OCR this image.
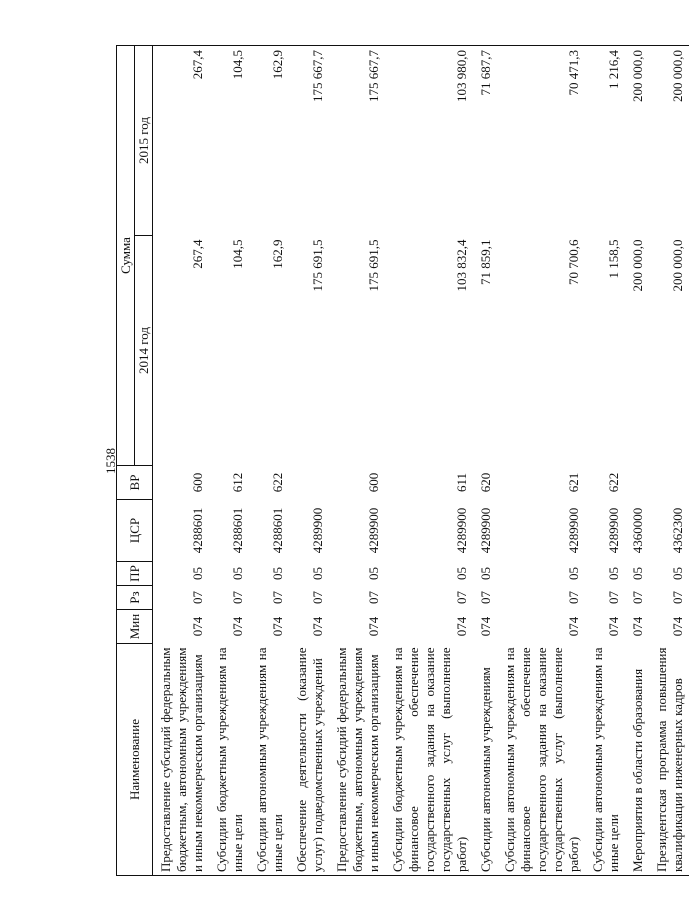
1538
Наименование	Мин	Рз	ПР	ЦСР	ВР	Сумма	
						2014 год	2015 год
Предоставление субсидий федеральным бюджетным, автономным учреждениям и иным некоммерческим организациям	074	07	05	4288601	600	267,4	267,4
Субсидии бюджетным учреждениям на иные цели	074	07	05	4288601	612	104,5	104,5
Субсидии автономным учреждениям на иные цели	074	07	05	4288601	622	162,9	162,9
Обеспечение деятельности (оказание услуг) подведомственных учреждений	074	07	05	4289900		175 691,5	175 667,7
Предоставление субсидий федеральным бюджетным, автономным учреждениям и иным некоммерческим организациям	074	07	05	4289900	600	175 691,5	175 667,7
Субсидии бюджетным учреждениям на финансовое обеспечение государственного задания на оказание государственных услуг (выполнение работ)	074	07	05	4289900	611	103 832,4	103 980,0
Субсидии автономным учреждениям	074	07	05	4289900	620	71 859,1	71 687,7
Субсидии автономным учреждениям на финансовое обеспечение государственного задания на оказание государственных услуг (выполнение работ)	074	07	05	4289900	621	70 700,6	70 471,3
Субсидии автономным учреждениям на иные цели	074	07	05	4289900	622	1 158,5	1 216,4
Мероприятия в области образования	074	07	05	4360000		200 000,0	200 000,0
Президентская программа повышения квалификации инженерных кадров	074	07	05	4362300		200 000,0	200 000,0
